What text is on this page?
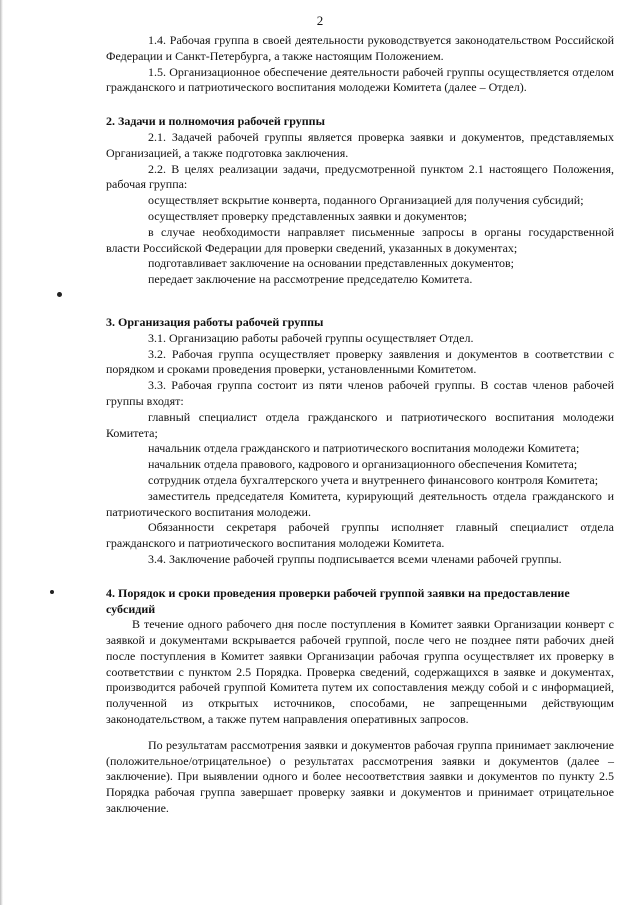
2

1.4. Рабочая группа в своей деятельности руководствуется законодательством Российской Федерации и Санкт-Петербурга, а также настоящим Положением.

1.5. Организационное обеспечение деятельности рабочей группы осуществляется отделом гражданского и патриотического воспитания молодежи Комитета (далее – Отдел).

2. Задачи и полномочия рабочей группы

2.1. Задачей рабочей группы является проверка заявки и документов, представляемых Организацией, а также подготовка заключения.

2.2. В целях реализации задачи, предусмотренной пунктом 2.1 настоящего Положения, рабочая группа:

осуществляет вскрытие конверта, поданного Организацией для получения субсидий;

осуществляет проверку представленных заявки и документов;

в случае необходимости направляет письменные запросы в органы государственной власти Российской Федерации для проверки сведений, указанных в документах;

подготавливает заключение на основании представленных документов;

передает заключение на рассмотрение председателю Комитета.

3. Организация работы рабочей группы

3.1. Организацию работы рабочей группы осуществляет Отдел.

3.2. Рабочая группа осуществляет проверку заявления и документов в соответствии с порядком и сроками проведения проверки, установленными Комитетом.

3.3. Рабочая группа состоит из пяти членов рабочей группы. В состав членов рабочей группы входят:

главный специалист отдела гражданского и патриотического воспитания молодежи Комитета;

начальник отдела гражданского и патриотического воспитания молодежи Комитета;

начальник отдела правового, кадрового и организационного обеспечения Комитета;

сотрудник отдела бухгалтерского учета и внутреннего финансового контроля Комитета;

заместитель председателя Комитета, курирующий деятельность отдела гражданского и патриотического воспитания молодежи.

Обязанности секретаря рабочей группы исполняет главный специалист отдела гражданского и патриотического воспитания молодежи Комитета.

3.4. Заключение рабочей группы подписывается всеми членами рабочей группы.

4. Порядок и сроки проведения проверки рабочей группой заявки на предоставление субсидий

В течение одного рабочего дня после поступления в Комитет заявки Организации конверт с заявкой и документами вскрывается рабочей группой, после чего не позднее пяти рабочих дней после поступления в Комитет заявки Организации рабочая группа осуществляет их проверку в соответствии с пунктом 2.5 Порядка. Проверка сведений, содержащихся в заявке и документах, производится рабочей группой Комитета путем их сопоставления между собой и с информацией, полученной из открытых источников, способами, не запрещенными действующим законодательством, а также путем направления оперативных запросов.

По результатам рассмотрения заявки и документов рабочая группа принимает заключение (положительное/отрицательное) о результатах рассмотрения заявки и документов (далее – заключение). При выявлении одного и более несоответствия заявки и документов по пункту 2.5 Порядка рабочая группа завершает проверку заявки и документов и принимает отрицательное заключение.
